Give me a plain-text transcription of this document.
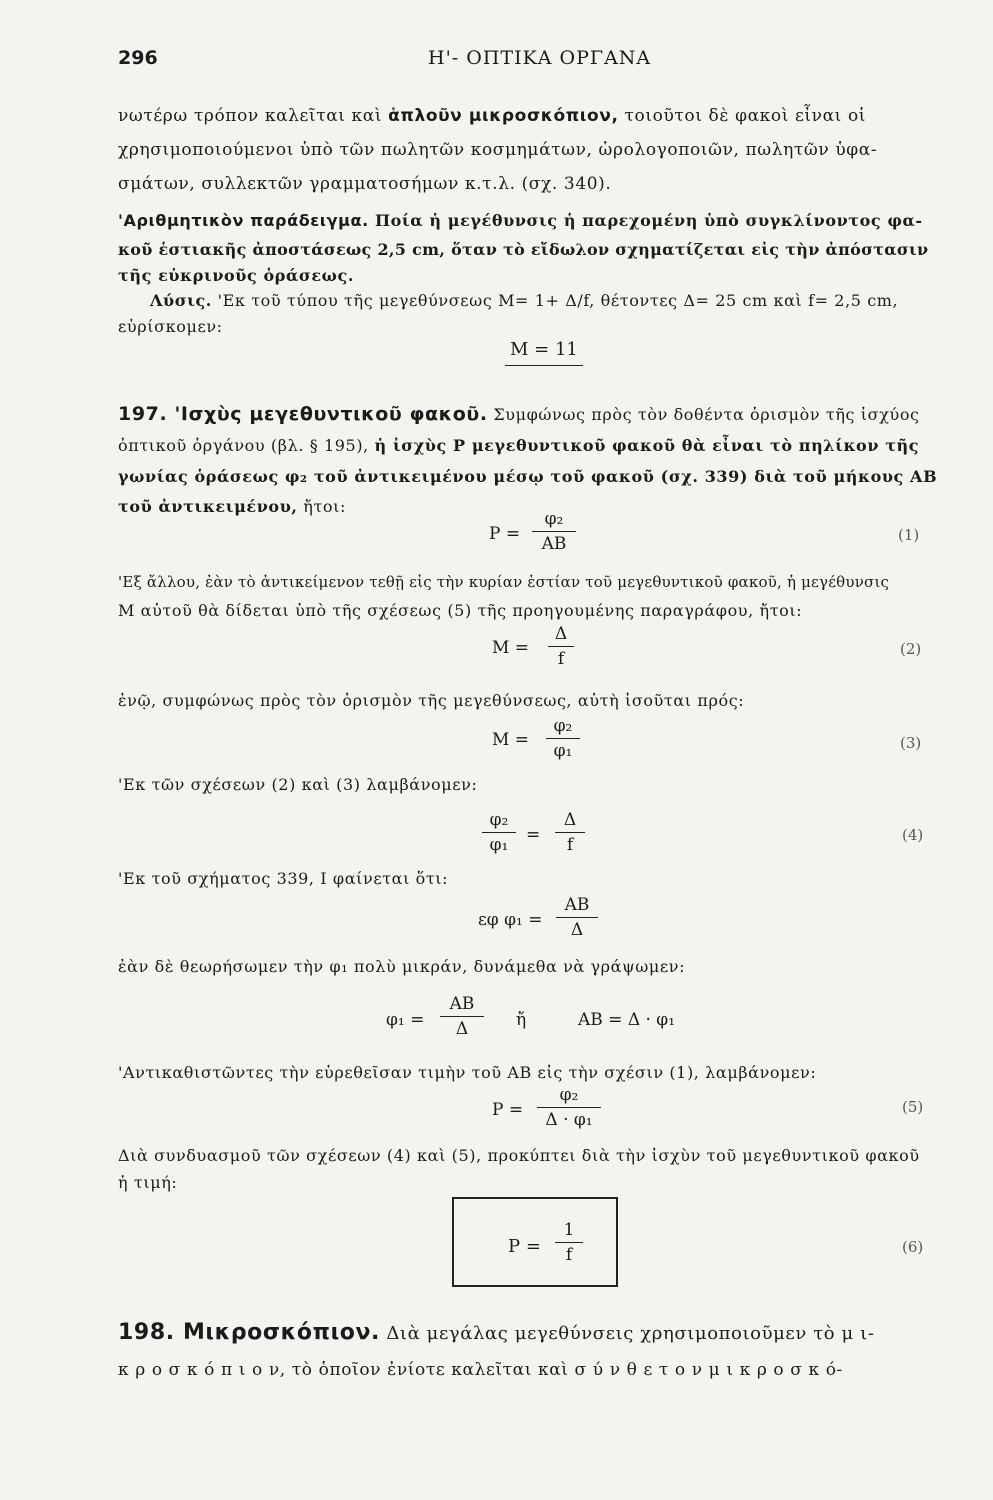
296	Η'- ΟΠΤΙΚΑ ΟΡΓΑΝΑ
νωτέρω τρόπον καλεῖται καὶ ἁπλοῦν μικροσκόπιον, τοιοῦτοι δὲ φακοὶ εἶναι οἱ
χρησιμοποιούμενοι ὑπὸ τῶν πωλητῶν κοσμημάτων, ὡρολογοποιῶν, πωλητῶν ὑφα-
σμάτων, συλλεκτῶν γραμματοσήμων κ.τ.λ. (σχ. 340).
'Αριθμητικὸν παράδειγμα. Ποία ἡ μεγέθυνσις ἡ παρεχομένη ὑπὸ συγκλίνοντος φα-
κοῦ ἑστιακῆς ἀποστάσεως 2,5 cm, ὅταν τὸ εἴδωλον σχηματίζεται εἰς τὴν ἀπόστασιν
τῆς εὐκρινοῦς ὁράσεως.
Λύσις. 'Εκ τοῦ τύπου τῆς μεγεθύνσεως M= 1+ Δ/f, θέτοντες Δ= 25 cm καὶ f= 2,5 cm,
εὑρίσκομεν:
M = 11
197. 'Ισχὺς μεγεθυντικοῦ φακοῦ. Συμφώνως πρὸς τὸν δοθέντα ὁρισμὸν τῆς ἰσχύος
ὀπτικοῦ ὀργάνου (βλ. § 195), ἡ ἰσχὺς P μεγεθυντικοῦ φακοῦ θὰ εἶναι τὸ πηλίκον τῆς
γωνίας ὁράσεως φ₂ τοῦ ἀντικειμένου μέσῳ τοῦ φακοῦ (σχ. 339) διὰ τοῦ μήκους AB
τοῦ ἀντικειμένου, ἤτοι:
$P = \frac{\text{φ₂}}{AB}$	(1)
'Εξ ἄλλου, ἐὰν τὸ ἀντικείμενον τεθῇ εἰς τὴν κυρίαν ἑστίαν τοῦ μεγεθυντικοῦ φακοῦ, ἡ μεγέθυνσις
M αὐτοῦ θὰ δίδεται ὑπὸ τῆς σχέσεως (5) τῆς προηγουμένης παραγράφου, ἤτοι:
$M = \frac{\Delta}{f}$	(2)
ἐνῷ, συμφώνως πρὸς τὸν ὁρισμὸν τῆς μεγεθύνσεως, αὐτὴ ἰσοῦται πρός:
$M = \frac{\text{φ₂}}{\text{φ₁}}$	(3)
'Εκ τῶν σχέσεων (2) καὶ (3) λαμβάνομεν:
$\frac{\text{φ₂}}{\text{φ₁}} = \frac{\Delta}{f}$	(4)
'Εκ τοῦ σχήματος 339, I φαίνεται ὅτι:
εφ $\varphi_1 = \frac{AB}{\Delta}$
ἐὰν δὲ θεωρήσωμεν τὴν φ₁ πολὺ μικράν, δυνάμεθα νὰ γράψωμεν:
$\varphi_1 = \frac{AB}{\Delta}$ ἤ	AB = Δ · φ₁
'Αντικαθιστῶντες τὴν εὑρεθεῖσαν τιμὴν τοῦ AB εἰς τὴν σχέσιν (1), λαμβάνομεν:
$P = \frac{\text{φ₂}}{\text{Δ · φ₁}}$	(5)
Διὰ συνδυασμοῦ τῶν σχέσεων (4) καὶ (5), προκύπτει διὰ τὴν ἰσχὺν τοῦ μεγεθυντικοῦ φακοῦ
ἡ τιμή:
$P = \frac{1}{f}$	(6)
198. Μικροσκόπιον. Διὰ μεγάλας μεγεθύνσεις χρησιμοποιοῦμεν τὸ μ ι-
κ ρ ο σ κ ό π ι ο ν, τὸ ὁποῖον ἐνίοτε καλεῖται καὶ σ ύ ν θ ε τ ο ν μ ι κ ρ ο σ κ ό-
